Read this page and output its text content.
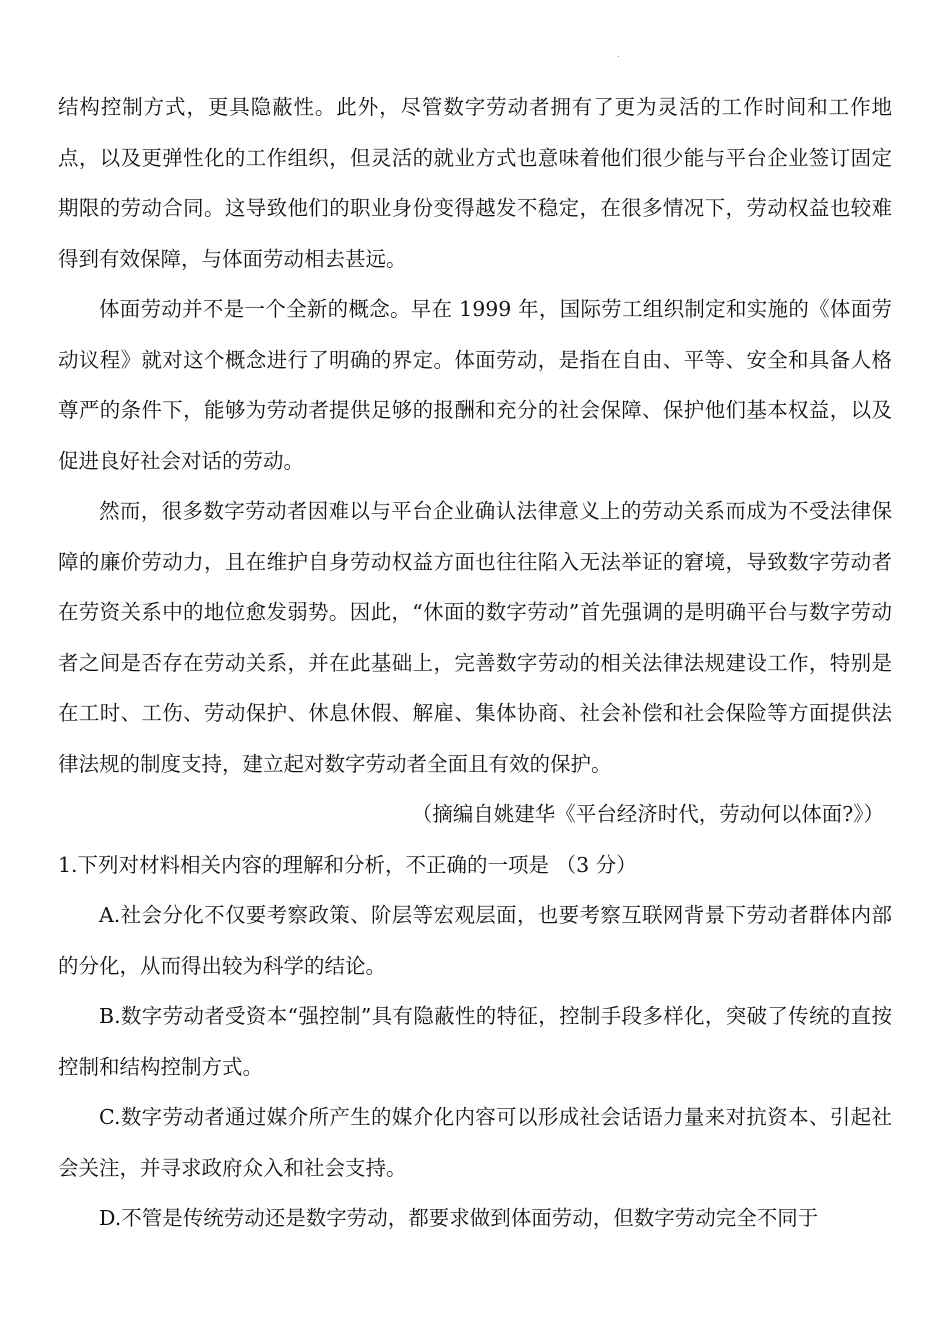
.

结构控制方式，更具隐蔽性。此外，尽管数字劳动者拥有了更为灵活的工作时间和工作地点，以及更弹性化的工作组织，但灵活的就业方式也意味着他们很少能与平台企业签订固定期限的劳动合同。这导致他们的职业身份变得越发不稳定，在很多情况下，劳动权益也较难得到有效保障，与体面劳动相去甚远。

体面劳动并不是一个全新的概念。早在 1999 年，国际劳工组织制定和实施的《体面劳动议程》就对这个概念进行了明确的界定。体面劳动，是指在自由、平等、安全和具备人格尊严的条件下，能够为劳动者提供足够的报酬和充分的社会保障、保护他们基本权益，以及促进良好社会对话的劳动。

然而，很多数字劳动者因难以与平台企业确认法律意义上的劳动关系而成为不受法律保障的廉价劳动力，且在维护自身劳动权益方面也往往陷入无法举证的窘境，导致数字劳动者在劳资关系中的地位愈发弱势。因此，“休面的数字劳动”首先强调的是明确平台与数字劳动者之间是否存在劳动关系，并在此基础上，完善数字劳动的相关法律法规建设工作，特别是在工时、工伤、劳动保护、休息休假、解雇、集体协商、社会补偿和社会保险等方面提供法律法规的制度支持，建立起对数字劳动者全面且有效的保护。

（摘编自姚建华《平台经济时代，劳动何以体面?》）

1.下列对材料相关内容的理解和分析，不正确的一项是 （3 分）

A.社会分化不仅要考察政策、阶层等宏观层面，也要考察互联网背景下劳动者群体内部的分化，从而得出较为科学的结论。

B.数字劳动者受资本“强控制”具有隐蔽性的特征，控制手段多样化，突破了传统的直按控制和结构控制方式。

C.数字劳动者通过媒介所产生的媒介化内容可以形成社会话语力量来对抗资本、引起社会关注，并寻求政府众入和社会支持。

D.不管是传统劳动还是数字劳动，都要求做到体面劳动，但数字劳动完全不同于
